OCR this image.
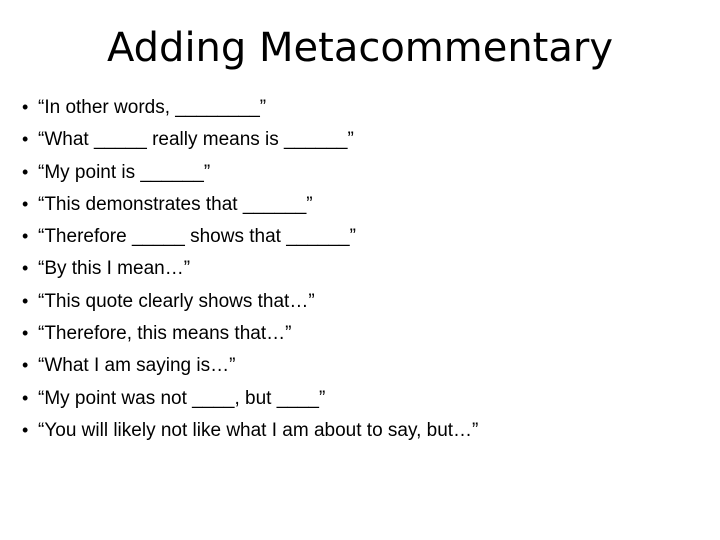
Adding Metacommentary
• “In other words, ________”
• “What _____ really means is ______”
• “My point is ______”
• “This demonstrates that ______”
• “Therefore _____ shows that ______”
• “By this I mean…”
• “This quote clearly shows that…”
• “Therefore, this means that…”
• “What I am saying is…”
• “My point was not ____, but ____”
• “You will likely not like what I am about to say, but…”
